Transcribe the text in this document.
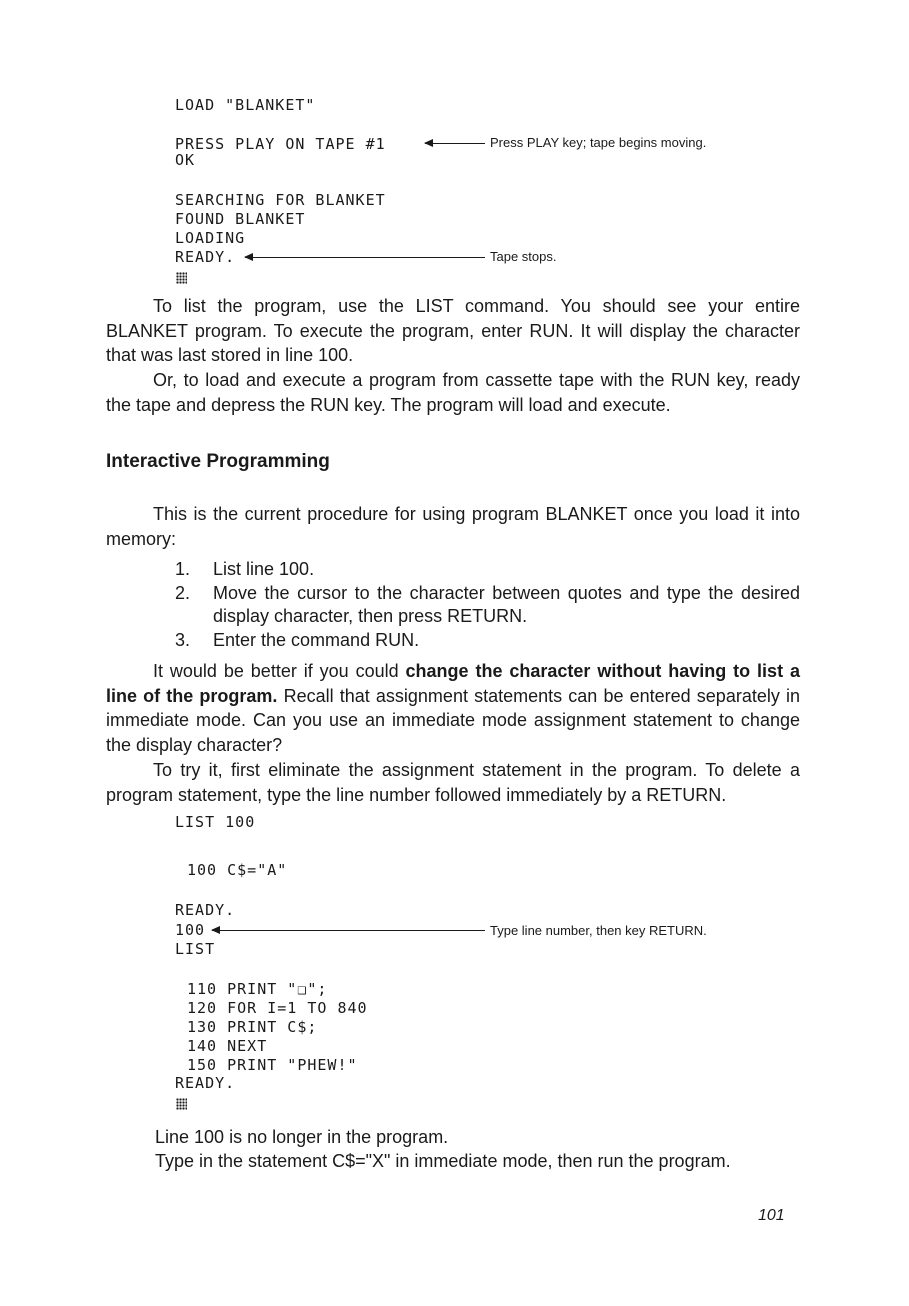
LOAD "BLANKET"
PRESS PLAY ON TAPE #1	Press PLAY key; tape begins moving.
OK
SEARCHING FOR BLANKET
FOUND BLANKET
LOADING
READY.	Tape stops.

To list the program, use the LIST command. You should see your entire BLANKET program. To execute the program, enter RUN. It will display the character that was last stored in line 100.

Or, to load and execute a program from cassette tape with the RUN key, ready the tape and depress the RUN key. The program will load and execute.

Interactive Programming

This is the current procedure for using program BLANKET once you load it into memory:

1. List line 100.
2. Move the cursor to the character between quotes and type the desired display character, then press RETURN.
3. Enter the command RUN.

It would be better if you could change the character without having to list a line of the program. Recall that assignment statements can be entered separately in immediate mode. Can you use an immediate mode assignment statement to change the display character?

To try it, first eliminate the assignment statement in the program. To delete a program statement, type the line number followed immediately by a RETURN.

LIST 100
100 C$="A"
READY.
100	Type line number, then key RETURN.
LIST
110 PRINT "❑";
120 FOR I=1 TO 840
130 PRINT C$;
140 NEXT
150 PRINT "PHEW!"
READY.

Line 100 is no longer in the program.

Type in the statement C$="X" in immediate mode, then run the program.

101
